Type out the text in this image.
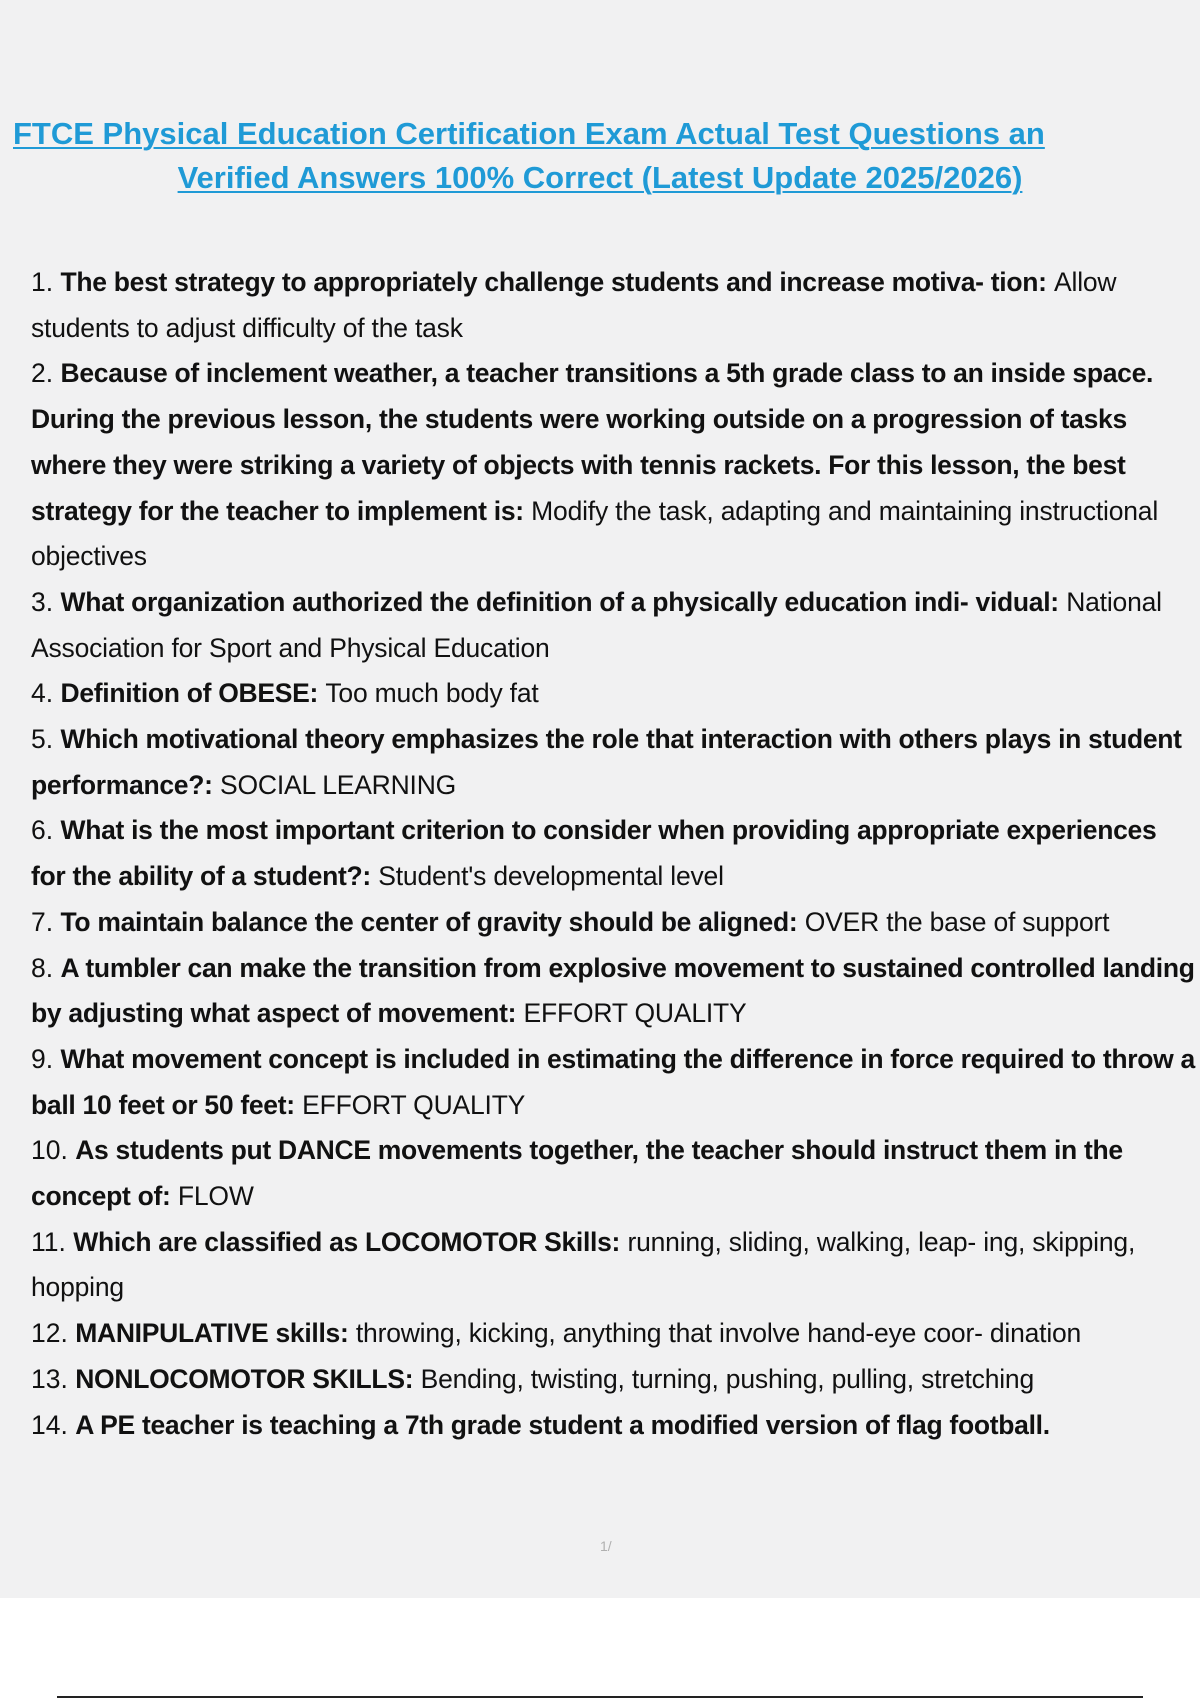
FTCE Physical Education Certification Exam Actual Test Questions an
Verified Answers 100% Correct (Latest Update 2025/2026)

1. The best strategy to appropriately challenge students and increase motiva- tion: Allow students to adjust difficulty of the task

2. Because of inclement weather, a teacher transitions a 5th grade class to an inside space. During the previous lesson, the students were working outside on a progression of tasks where they were striking a variety of objects with tennis rackets. For this lesson, the best strategy for the teacher to implement is: Modify the task, adapting and maintaining instructional objectives

3. What organization authorized the definition of a physically education indi- vidual: National Association for Sport and Physical Education

4. Definition of OBESE: Too much body fat

5. Which motivational theory emphasizes the role that interaction with others plays in student performance?: SOCIAL LEARNING

6. What is the most important criterion to consider when providing appropriate experiences for the ability of a student?: Student's developmental level

7. To maintain balance the center of gravity should be aligned: OVER the base of support

8. A tumbler can make the transition from explosive movement to sustained controlled landing by adjusting what aspect of movement: EFFORT QUALITY

9. What movement concept is included in estimating the difference in force required to throw a ball 10 feet or 50 feet: EFFORT QUALITY

10. As students put DANCE movements together, the teacher should instruct them in the concept of: FLOW

11. Which are classified as LOCOMOTOR Skills: running, sliding, walking, leap- ing, skipping, hopping

12. MANIPULATIVE skills: throwing, kicking, anything that involve hand-eye coor- dination

13. NONLOCOMOTOR SKILLS: Bending, twisting, turning, pushing, pulling, stretching

14. A PE teacher is teaching a 7th grade student a modified version of flag football.

1/
